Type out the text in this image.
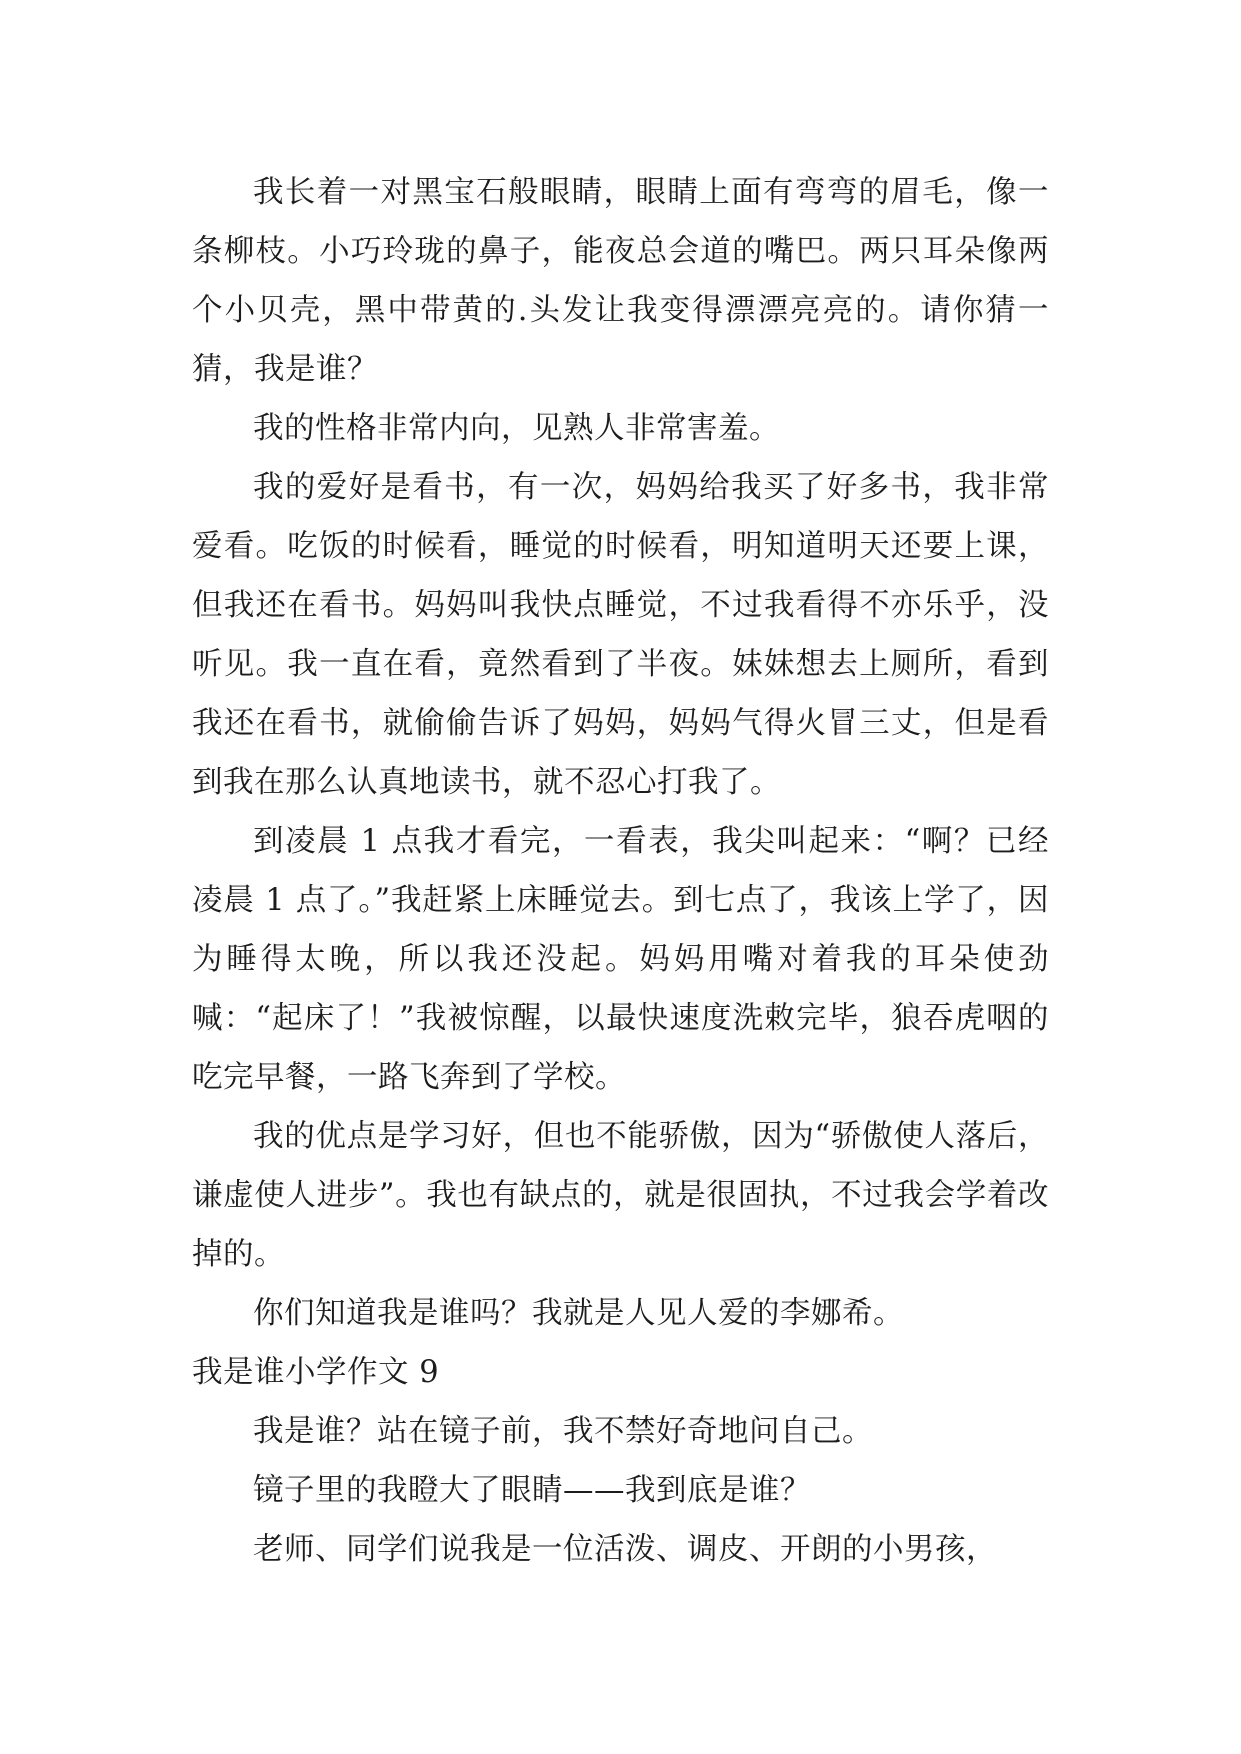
我长着一对黑宝石般眼睛，眼睛上面有弯弯的眉毛，像一条柳枝。小巧玲珑的鼻子，能夜总会道的嘴巴。两只耳朵像两个小贝壳，黑中带黄的.头发让我变得漂漂亮亮的。请你猜一猜，我是谁？

我的性格非常内向，见熟人非常害羞。

我的爱好是看书，有一次，妈妈给我买了好多书，我非常爱看。吃饭的时候看，睡觉的时候看，明知道明天还要上课，但我还在看书。妈妈叫我快点睡觉，不过我看得不亦乐乎，没听见。我一直在看，竟然看到了半夜。妹妹想去上厕所，看到我还在看书，就偷偷告诉了妈妈，妈妈气得火冒三丈，但是看到我在那么认真地读书，就不忍心打我了。

到凌晨 1 点我才看完，一看表，我尖叫起来：“啊？已经凌晨 1 点了。”我赶紧上床睡觉去。到七点了，我该上学了，因为睡得太晚，所以我还没起。妈妈用嘴对着我的耳朵使劲喊：“起床了！”我被惊醒，以最快速度洗敕完毕，狼吞虎咽的吃完早餐，一路飞奔到了学校。

我的优点是学习好，但也不能骄傲，因为“骄傲使人落后，谦虚使人进步”。我也有缺点的，就是很固执，不过我会学着改掉的。

你们知道我是谁吗？我就是人见人爱的李娜希。

我是谁小学作文 9

我是谁？站在镜子前，我不禁好奇地问自己。

镜子里的我瞪大了眼睛——我到底是谁？

老师、同学们说我是一位活泼、调皮、开朗的小男孩，
